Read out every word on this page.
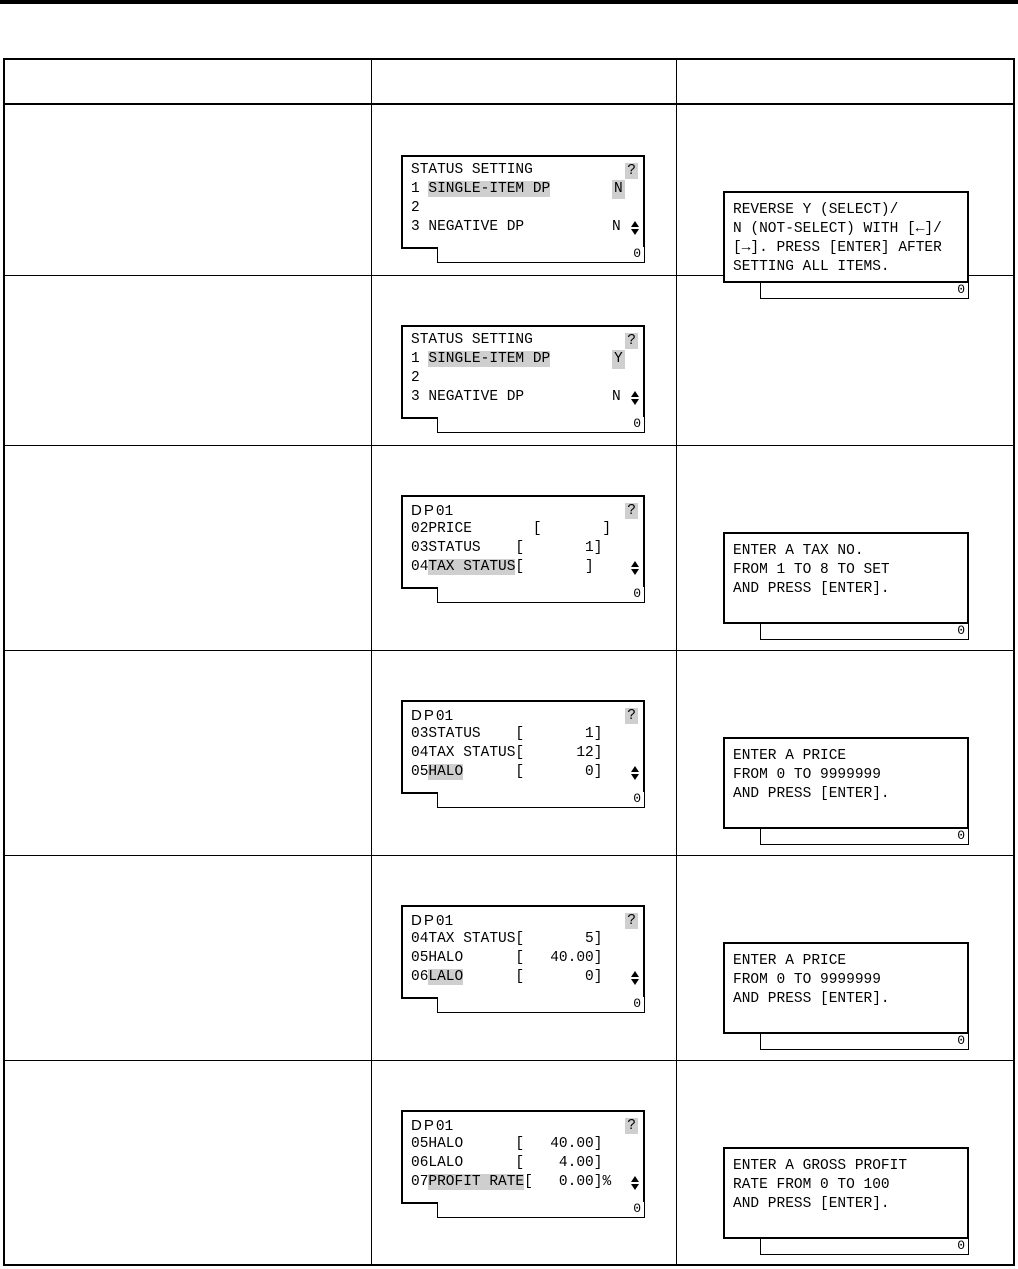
STATUS SETTING	?
1 SINGLE-ITEM DP	N
2
3 NEGATIVE DP	N
0
REVERSE Y (SELECT)/
N (NOT-SELECT) WITH [←]/
[→]. PRESS [ENTER] AFTER
SETTING ALL ITEMS.
0
STATUS SETTING	?
1 SINGLE-ITEM DP	Y
2
3 NEGATIVE DP	N
0
DP01	?
02PRICE       [       ]
03STATUS    [       1]
04TAX STATUS[       ]
0
ENTER A TAX NO.
FROM 1 TO 8 TO SET
AND PRESS [ENTER].
0
DP01	?
03STATUS    [       1]
04TAX STATUS[      12]
05HALO      [       0]
0
ENTER A PRICE
FROM 0 TO 9999999
AND PRESS [ENTER].
0
DP01	?
04TAX STATUS[       5]
05HALO      [   40.00]
06LALO      [       0]
0
ENTER A PRICE
FROM 0 TO 9999999
AND PRESS [ENTER].
0
DP01	?
05HALO      [   40.00]
06LALO      [    4.00]
07PROFIT RATE[   0.00]%
0
ENTER A GROSS PROFIT
RATE FROM 0 TO 100
AND PRESS [ENTER].
0
